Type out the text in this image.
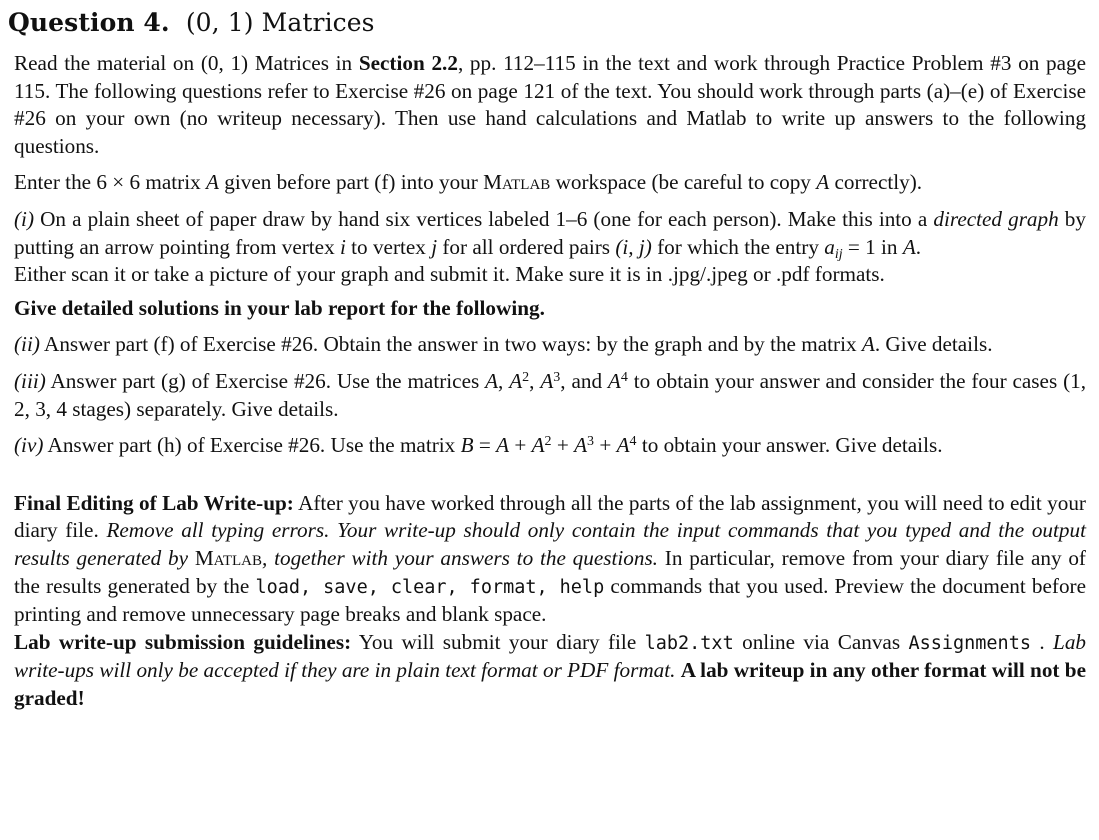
Question 4. (0, 1) Matrices

Read the material on (0, 1) Matrices in Section 2.2, pp. 112–115 in the text and work through Practice Problem #3 on page 115. The following questions refer to Exercise #26 on page 121 of the text. You should work through parts (a)–(e) of Exercise #26 on your own (no writeup necessary). Then use hand calculations and Matlab to write up answers to the following questions.

Enter the 6 × 6 matrix A given before part (f) into your Matlab workspace (be careful to copy A correctly).

(i) On a plain sheet of paper draw by hand six vertices labeled 1–6 (one for each person). Make this into a directed graph by putting an arrow pointing from vertex i to vertex j for all ordered pairs (i, j) for which the entry $a_{ij} = 1$ in A.
Either scan it or take a picture of your graph and submit it. Make sure it is in .jpg/.jpeg or .pdf formats.

Give detailed solutions in your lab report for the following.

(ii) Answer part (f) of Exercise #26. Obtain the answer in two ways: by the graph and by the matrix A. Give details.

(iii) Answer part (g) of Exercise #26. Use the matrices A, $A^2$, $A^3$, and $A^4$ to obtain your answer and consider the four cases (1, 2, 3, 4 stages) separately. Give details.

(iv) Answer part (h) of Exercise #26. Use the matrix $B = A + A^2 + A^3 + A^4$ to obtain your answer. Give details.

Final Editing of Lab Write-up: After you have worked through all the parts of the lab assignment, you will need to edit your diary file. Remove all typing errors. Your write-up should only contain the input commands that you typed and the output results generated by Matlab, together with your answers to the questions. In particular, remove from your diary file any of the results generated by the load, save, clear, format, help commands that you used. Preview the document before printing and remove unnecessary page breaks and blank space.

Lab write-up submission guidelines: You will submit your diary file lab2.txt online via Canvas Assignments . Lab write-ups will only be accepted if they are in plain text format or PDF format. A lab writeup in any other format will not be graded!
